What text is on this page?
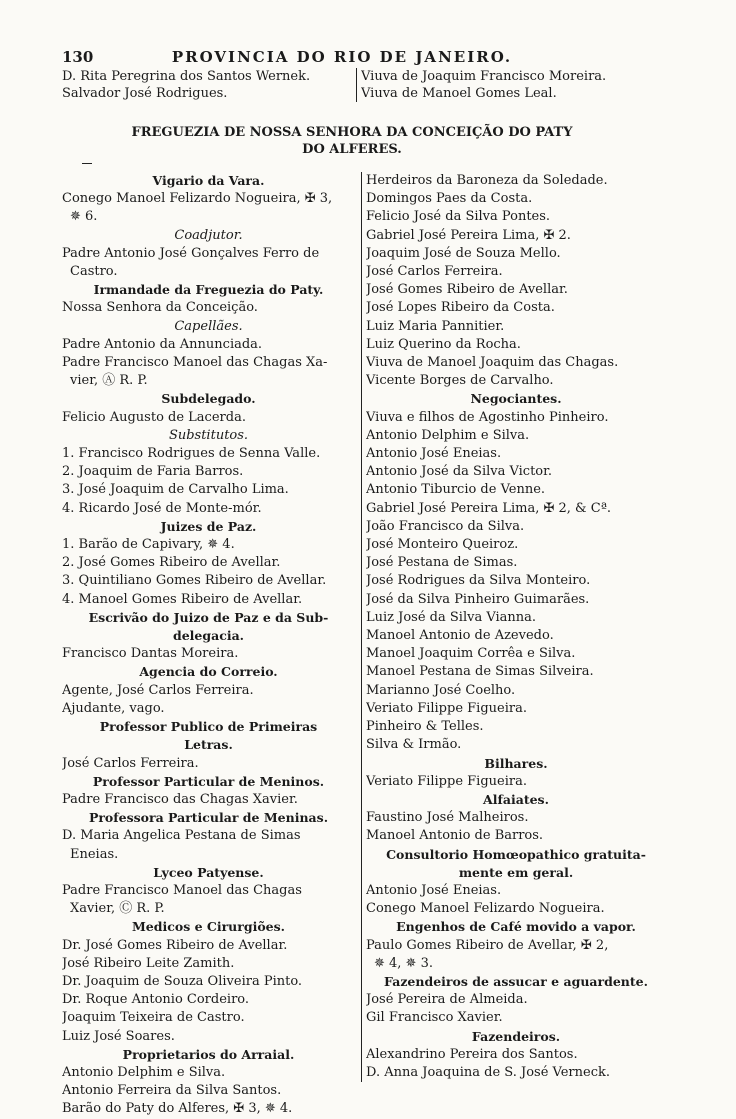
130	PROVINCIA DO RIO DE JANEIRO.
D. Rita Peregrina dos Santos Wernek.
Salvador José Rodrigues.
Viuva de Joaquim Francisco Moreira.
Viuva de Manoel Gomes Leal.
FREGUEZIA DE NOSSA SENHORA DA CONCEIÇÃO DO PATY
DO ALFERES.
Vigario da Vara.
Conego Manoel Felizardo Nogueira, ✠ 3,
✵ 6.
Coadjutor.
Padre Antonio José Gonçalves Ferro de
Castro.
Irmandade da Freguezia do Paty.
Nossa Senhora da Conceição.
Capellães.
Padre Antonio da Annunciada.
Padre Francisco Manoel das Chagas Xa-
vier, Ⓐ R. P.
Subdelegado.
Felicio Augusto de Lacerda.
Substitutos.
1. Francisco Rodrigues de Senna Valle.
2. Joaquim de Faria Barros.
3. José Joaquim de Carvalho Lima.
4. Ricardo José de Monte-mór.
Juizes de Paz.
1. Barão de Capivary, ✵ 4.
2. José Gomes Ribeiro de Avellar.
3. Quintiliano Gomes Ribeiro de Avellar.
4. Manoel Gomes Ribeiro de Avellar.
Escrivão do Juizo de Paz e da Sub-
delegacia.
Francisco Dantas Moreira.
Agencia do Correio.
Agente, José Carlos Ferreira.
Ajudante, vago.
Professor Publico de Primeiras
Letras.
José Carlos Ferreira.
Professor Particular de Meninos.
Padre Francisco das Chagas Xavier.
Professora Particular de Meninas.
D. Maria Angelica Pestana de Simas
Eneias.
Lyceo Patyense.
Padre Francisco Manoel das Chagas
Xavier, Ⓒ R. P.
Medicos e Cirurgiões.
Dr. José Gomes Ribeiro de Avellar.
José Ribeiro Leite Zamith.
Dr. Joaquim de Souza Oliveira Pinto.
Dr. Roque Antonio Cordeiro.
Joaquim Teixeira de Castro.
Luiz José Soares.
Proprietarios do Arraial.
Antonio Delphim e Silva.
Antonio Ferreira da Silva Santos.
Barão do Paty do Alferes, ✠ 3, ✵ 4.
Herdeiros da Baroneza da Soledade.
Domingos Paes da Costa.
Felicio José da Silva Pontes.
Gabriel José Pereira Lima, ✠ 2.
Joaquim José de Souza Mello.
José Carlos Ferreira.
José Gomes Ribeiro de Avellar.
José Lopes Ribeiro da Costa.
Luiz Maria Pannitier.
Luiz Querino da Rocha.
Viuva de Manoel Joaquim das Chagas.
Vicente Borges de Carvalho.
Negociantes.
Viuva e filhos de Agostinho Pinheiro.
Antonio Delphim e Silva.
Antonio José Eneias.
Antonio José da Silva Victor.
Antonio Tiburcio de Venne.
Gabriel José Pereira Lima, ✠ 2, & Cª.
João Francisco da Silva.
José Monteiro Queiroz.
José Pestana de Simas.
José Rodrigues da Silva Monteiro.
José da Silva Pinheiro Guimarães.
Luiz José da Silva Vianna.
Manoel Antonio de Azevedo.
Manoel Joaquim Corrêa e Silva.
Manoel Pestana de Simas Silveira.
Marianno José Coelho.
Veriato Filippe Figueira.
Pinheiro & Telles.
Silva & Irmão.
Bilhares.
Veriato Filippe Figueira.
Alfaiates.
Faustino José Malheiros.
Manoel Antonio de Barros.
Consultorio Homœopathico gratuita-
mente em geral.
Antonio José Eneias.
Conego Manoel Felizardo Nogueira.
Engenhos de Café movido a vapor.
Paulo Gomes Ribeiro de Avellar, ✠ 2,
✵ 4, ✵ 3.
Fazendeiros de assucar e aguardente.
José Pereira de Almeida.
Gil Francisco Xavier.
Fazendeiros.
Alexandrino Pereira dos Santos.
D. Anna Joaquina de S. José Verneck.
